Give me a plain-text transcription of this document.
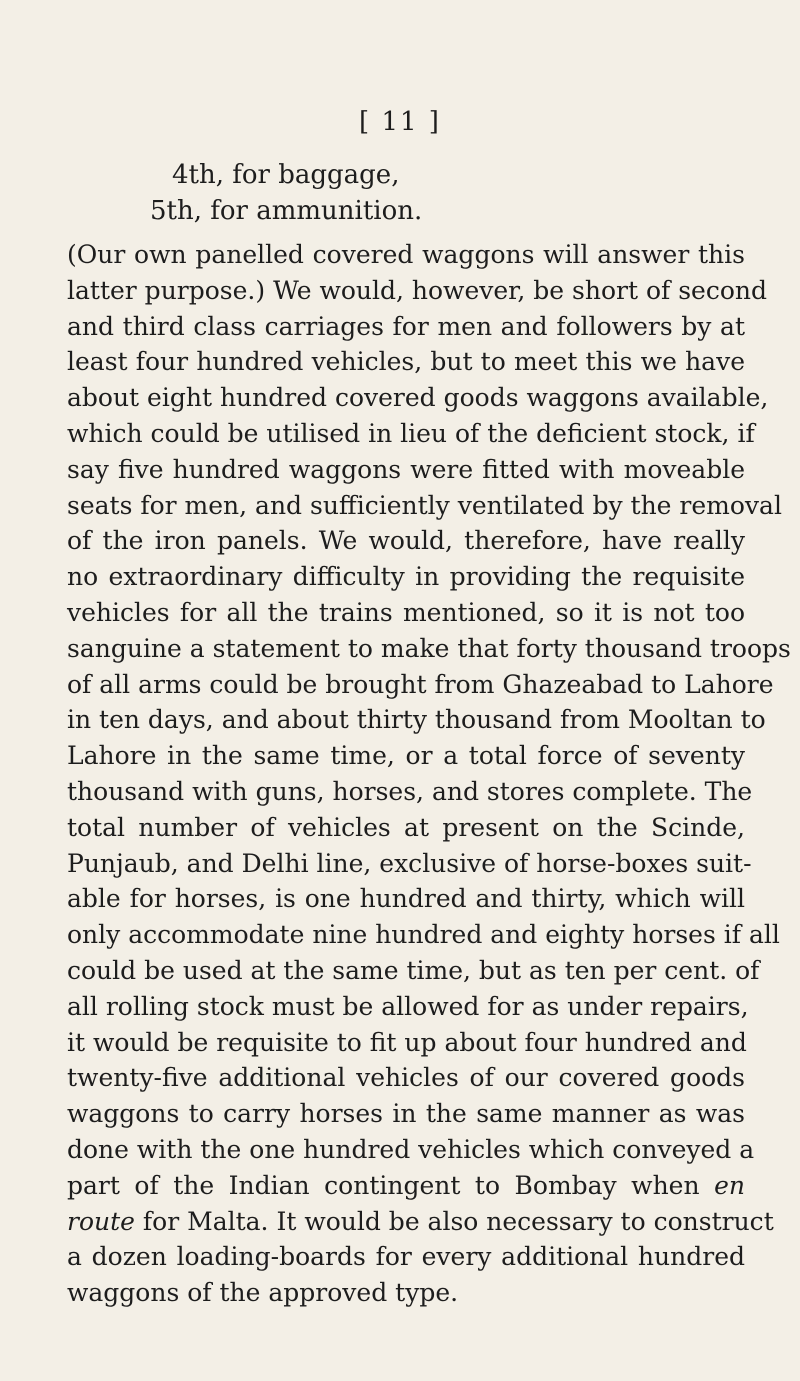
[ 11 ]
4th, for baggage,
5th, for ammunition.
(Our own panelled covered waggons will answer this
latter purpose.) We would, however, be short of second
and third class carriages for men and followers by at
least four hundred vehicles, but to meet this we have
about eight hundred covered goods waggons available,
which could be utilised in lieu of the deficient stock, if
say five hundred waggons were fitted with moveable
seats for men, and sufficiently ventilated by the removal
of the iron panels. We would, therefore, have really
no extraordinary difficulty in providing the requisite
vehicles for all the trains mentioned, so it is not too
sanguine a statement to make that forty thousand troops
of all arms could be brought from Ghazeabad to Lahore
in ten days, and about thirty thousand from Mooltan to
Lahore in the same time, or a total force of seventy
thousand with guns, horses, and stores complete. The
total number of vehicles at present on the Scinde,
Punjaub, and Delhi line, exclusive of horse-boxes suit-
able for horses, is one hundred and thirty, which will
only accommodate nine hundred and eighty horses if all
could be used at the same time, but as ten per cent. of
all rolling stock must be allowed for as under repairs,
it would be requisite to fit up about four hundred and
twenty-five additional vehicles of our covered goods
waggons to carry horses in the same manner as was
done with the one hundred vehicles which conveyed a
part of the Indian contingent to Bombay when en
route for Malta. It would be also necessary to construct
a dozen loading-boards for every additional hundred
waggons of the approved type.
